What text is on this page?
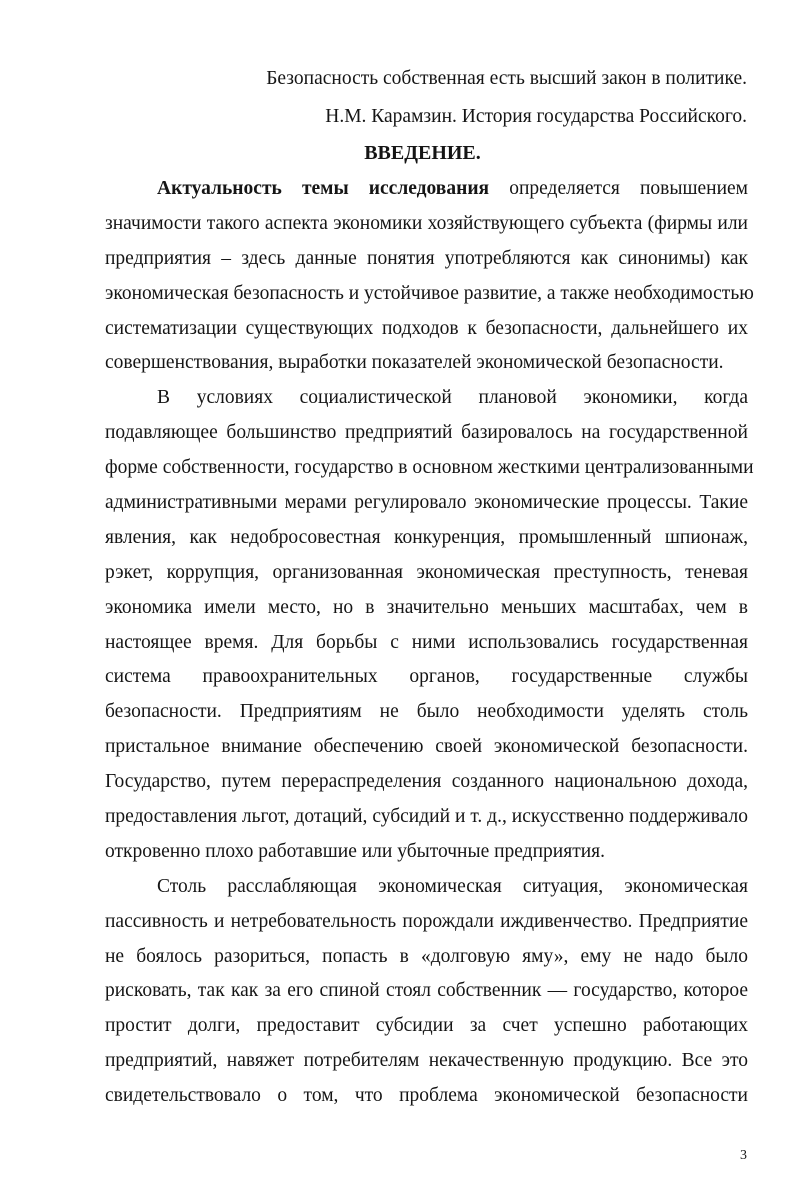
Безопасность собственная есть высший закон в политике.
Н.М. Карамзин. История государства Российского.
ВВЕДЕНИЕ.
Актуальность темы исследования определяется повышением
значимости такого аспекта экономики хозяйствующего субъекта (фирмы или
предприятия – здесь данные понятия употребляются как синонимы) как
экономическая безопасность и устойчивое развитие, а также необходимостью
систематизации существующих подходов к безопасности, дальнейшего их
совершенствования, выработки показателей экономической безопасности.
В условиях социалистической плановой экономики, когда
подавляющее большинство предприятий базировалось на государственной
форме собственности, государство в основном жесткими централизованными
административными мерами регулировало экономические процессы. Такие
явления, как недобросовестная конкуренция, промышленный шпионаж,
рэкет, коррупция, организованная экономическая преступность, теневая
экономика имели место, но в значительно меньших масштабах, чем в
настоящее время. Для борьбы с ними использовались государственная
система правоохранительных органов, государственные службы
безопасности. Предприятиям не было необходимости уделять столь
пристальное внимание обеспечению своей экономической безопасности.
Государство, путем перераспределения созданного национальною дохода,
предоставления льгот, дотаций, субсидий и т. д., искусственно поддерживало
откровенно плохо работавшие или убыточные предприятия.
Столь расслабляющая экономическая ситуация, экономическая
пассивность и нетребовательность порождали иждивенчество. Предприятие
не боялось разориться, попасть в «долговую яму», ему не надо было
рисковать, так как за его спиной стоял собственник — государство, которое
простит долги, предоставит субсидии за счет успешно работающих
предприятий, навяжет потребителям некачественную продукцию. Все это
свидетельствовало о том, что проблема экономической безопасности
3
